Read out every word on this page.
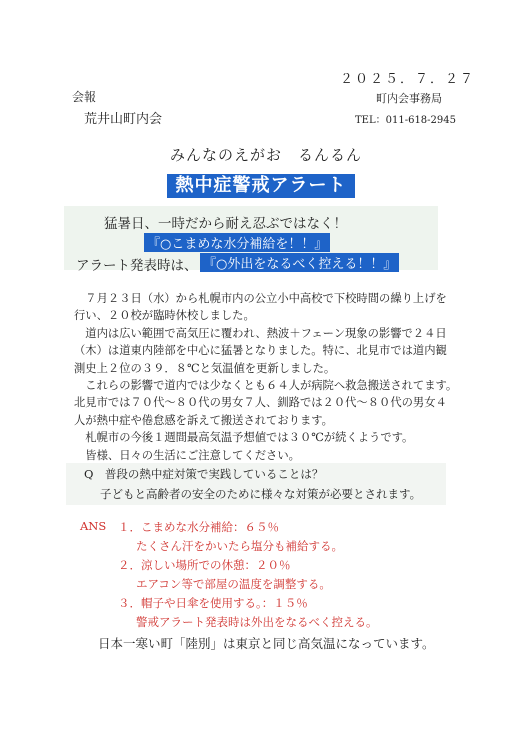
２０２５．７．２７
会報	町内会事務局
荒井山町内会	TEL：011-618-2945
みんなのえがお　るんるん
熱中症警戒アラート
猛暑日、一時だから耐え忍ぶではなく！
『○こまめな水分補給を！！』
アラート発表時は、 『○外出をなるべく控える！！』

７月２３日（水）から札幌市内の公立小中高校で下校時間の繰り上げを行い、２０校が臨時休校しました。

道内は広い範囲で高気圧に覆われ、熱波＋フェーン現象の影響で２４日（木）は道東内陸部を中心に猛暑となりました。特に、北見市では道内観測史上２位の３９．８℃と気温値を更新しました。

これらの影響で道内では少なくとも６４人が病院へ救急搬送されてます。北見市では７０代～８０代の男女７人、釧路では２０代～８０代の男女４人が熱中症や倦怠感を訴えて搬送されております。

札幌市の今後１週間最高気温予想値では３０℃が続くようです。

皆様、日々の生活にご注意してください。

Q　普段の熱中症対策で実践していることは？
子どもと高齢者の安全のために様々な対策が必要とされます。
ANS １．こまめな水分補給：６５％
たくさん汗をかいたら塩分も補給する。
２．涼しい場所での休憩：２０％
エアコン等で部屋の温度を調整する。
３．帽子や日傘を使用する。：１５％
警戒アラート発表時は外出をなるべく控える。
日本一寒い町「陸別」は東京と同じ高気温になっています。
